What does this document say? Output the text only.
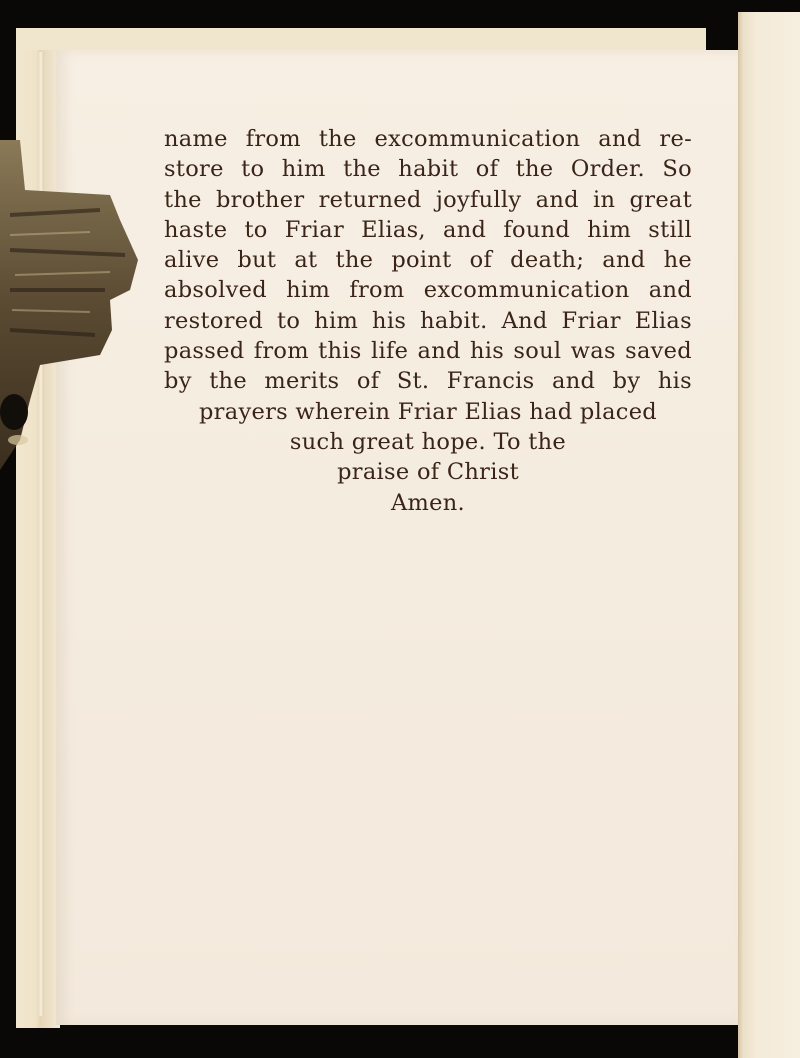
name from the excommunication and re-
store to him the habit of the Order. So
the brother returned joyfully and in great
haste to Friar Elias, and found him still
alive but at the point of death; and he
absolved him from excommunication and
restored to him his habit. And Friar Elias
passed from this life and his soul was saved
by the merits of St. Francis and by his
prayers wherein Friar Elias had placed
such great hope. To the
praise of Christ
Amen.
